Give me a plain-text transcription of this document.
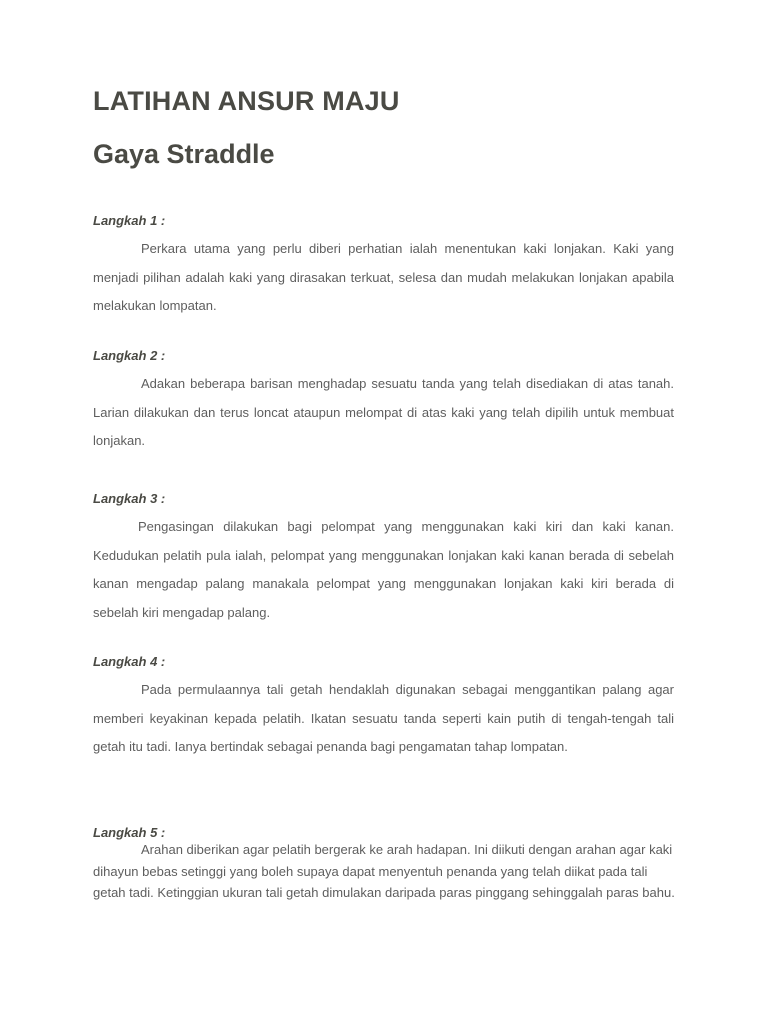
LATIHAN ANSUR MAJU
Gaya Straddle

Langkah 1 :

Perkara utama yang perlu diberi perhatian ialah menentukan kaki lonjakan. Kaki yang menjadi pilihan adalah kaki yang dirasakan terkuat, selesa dan mudah melakukan lonjakan apabila melakukan lompatan.

Langkah 2 :

Adakan beberapa barisan menghadap sesuatu tanda yang telah disediakan di atas tanah. Larian dilakukan dan terus loncat ataupun melompat di atas kaki yang telah dipilih untuk membuat lonjakan.

Langkah 3 :

Pengasingan dilakukan bagi pelompat yang menggunakan kaki kiri dan kaki kanan. Kedudukan pelatih pula ialah, pelompat yang menggunakan lonjakan kaki kanan berada di sebelah kanan mengadap palang manakala pelompat yang menggunakan lonjakan kaki kiri berada di sebelah kiri mengadap palang.

Langkah 4 :

Pada permulaannya tali getah hendaklah digunakan sebagai menggantikan palang agar memberi keyakinan kepada pelatih. Ikatan sesuatu tanda seperti kain putih di tengah-tengah tali getah itu tadi. Ianya bertindak sebagai penanda bagi pengamatan tahap lompatan.

Langkah 5 :

Arahan diberikan agar pelatih bergerak ke arah hadapan. Ini diikuti dengan arahan agar kaki dihayun bebas setinggi yang boleh supaya dapat menyentuh penanda yang telah diikat pada tali getah tadi. Ketinggian ukuran tali getah dimulakan daripada paras pinggang sehinggalah paras bahu.
